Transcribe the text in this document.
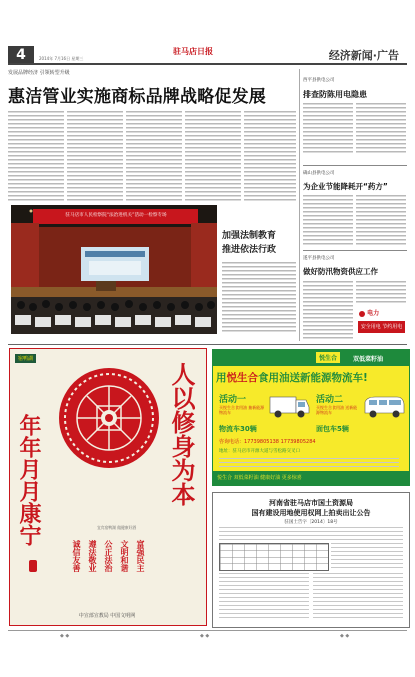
4	2014年 7月16日 星期三
驻马店日报
	经济新闻·广告
发展品牌经济 引领转型升级
惠洁管业实施商标品牌战略促发展
驻马店市人民检察院“法治进机关”活动一检察专场
加强法制教育
推进依法行政
西平县供电公司
排查防陈用电隐患
确山县供电公司
为企业节能降耗开“药方”
遂平县供电公司
做好防汛物资供应工作
电力
安全用电 节约用电
宿鸭湖
人以修身为本
年年月月康宁	宜宾宿鸭湖 做健康好酒
诚信友善 遵法敬业 公正法治 文明和谐 富强民主
中宣部宣教局 中国文明网
悦生合	双低菜籽油
用悦生合食用油送新能源物流车!
活动一
买悦生合食用油 抽新能源物流车
活动二
买悦生合食用油 送新能源物流车
物流车30辆	面包车5辆
咨询电话：17739805138 17739805284
地址：驻马店市开源大道与雪松路交叉口
悦生合 双低菜籽油 健康好油 更多惊喜
河南省驻马店市国土资源局
国有建设用地使用权网上拍卖出让公告
驻国土告字〔2014〕18号
◆ ◆	◆ ◆	◆ ◆
